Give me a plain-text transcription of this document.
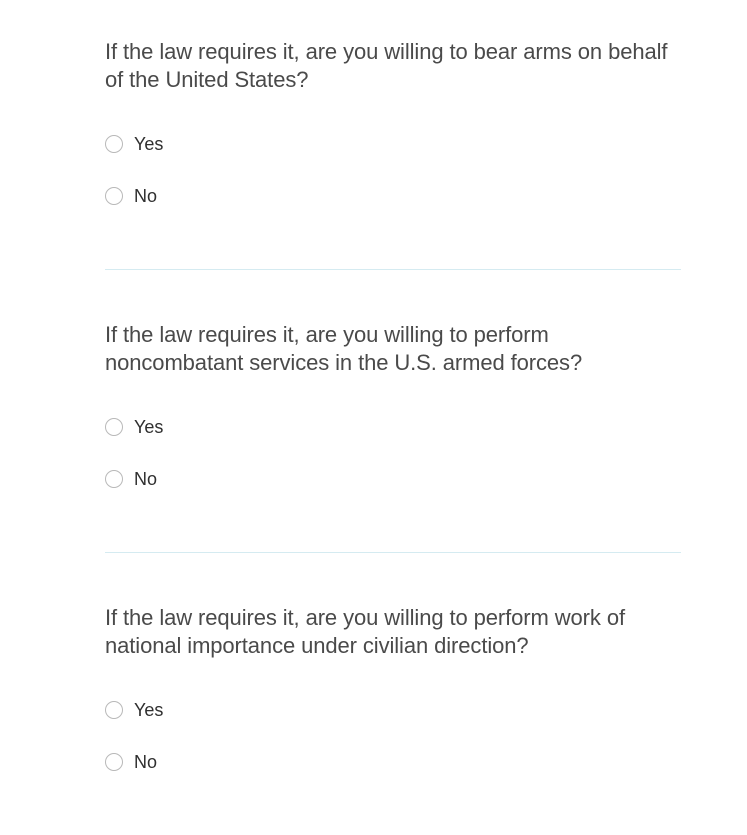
If the law requires it, are you willing to bear arms on behalf of the United States?

Yes
No

If the law requires it, are you willing to perform noncombatant services in the U.S. armed forces?

Yes
No

If the law requires it, are you willing to perform work of national importance under civilian direction?

Yes
No
